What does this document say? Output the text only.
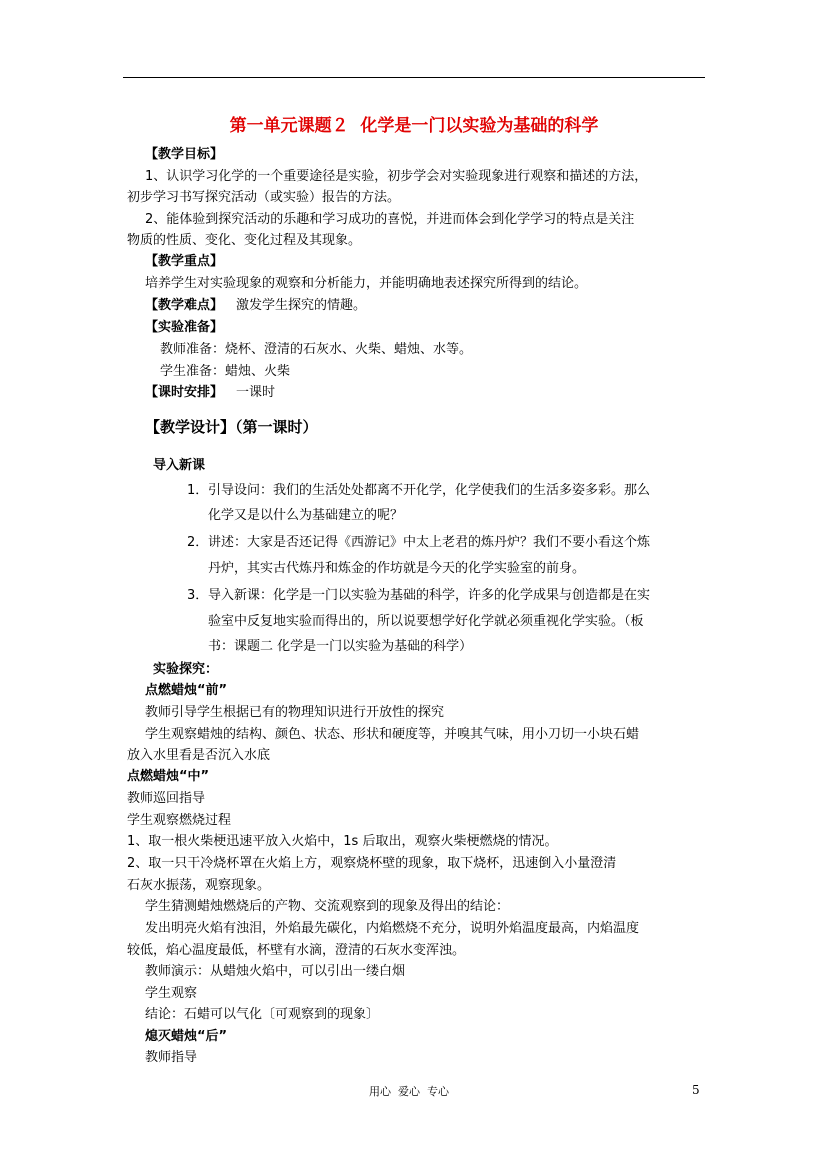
第一单元课题２  化学是一门以实验为基础的科学
【教学目标】
1、认识学习化学的一个重要途径是实验，初步学会对实验现象进行观察和描述的方法，
初步学习书写探究活动（或实验）报告的方法。
2、能体验到探究活动的乐趣和学习成功的喜悦，并进而体会到化学学习的特点是关注
物质的性质、变化、变化过程及其现象。
【教学重点】
培养学生对实验现象的观察和分析能力，并能明确地表述探究所得到的结论。
【教学难点】 激发学生探究的情趣。
【实验准备】
教师准备：烧杯、澄清的石灰水、火柴、蜡烛、水等。
学生准备：蜡烛、火柴
【课时安排】 一课时
【教学设计】（第一课时）
导入新课
1． 引导设问：我们的生活处处都离不开化学，化学使我们的生活多姿多彩。那么
化学又是以什么为基础建立的呢？
2． 讲述：大家是否还记得《西游记》中太上老君的炼丹炉？我们不要小看这个炼
丹炉，其实古代炼丹和炼金的作坊就是今天的化学实验室的前身。
3． 导入新课：化学是一门以实验为基础的科学，许多的化学成果与创造都是在实
验室中反复地实验而得出的，所以说要想学好化学就必须重视化学实验。（板
书：课题二 化学是一门以实验为基础的科学）
实验探究：
点燃蜡烛“前”
教师引导学生根据已有的物理知识进行开放性的探究
学生观察蜡烛的结构、颜色、状态、形状和硬度等，并嗅其气味，用小刀切一小块石蜡
放入水里看是否沉入水底
点燃蜡烛“中”
教师巡回指导
学生观察燃烧过程
1、取一根火柴梗迅速平放入火焰中，1s 后取出，观察火柴梗燃烧的情况。
2、取一只干冷烧杯罩在火焰上方，观察烧杯壁的现象，取下烧杯，迅速倒入小量澄清
石灰水振荡，观察现象。
学生猜测蜡烛燃烧后的产物、交流观察到的现象及得出的结论：
发出明亮火焰有浊泪，外焰最先碳化，内焰燃烧不充分，说明外焰温度最高，内焰温度
较低，焰心温度最低，杯壁有水滴，澄清的石灰水变浑浊。
教师演示：从蜡烛火焰中，可以引出一缕白烟
学生观察
结论：石蜡可以气化〔可观察到的现象〕
熄灭蜡烛“后”
教师指导
用心  爱心  专心	5
